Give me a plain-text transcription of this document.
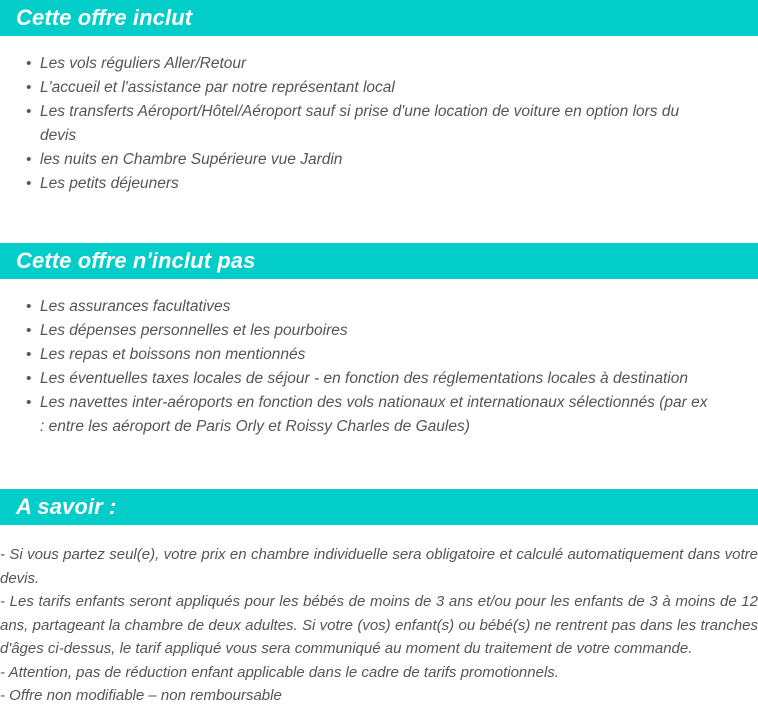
Cette offre inclut
• Les vols réguliers Aller/Retour
• L'accueil et l'assistance par notre représentant local
• Les transferts Aéroport/Hôtel/Aéroport sauf si prise d'une location de voiture en option lors du devis
• les nuits en Chambre Supérieure vue Jardin
• Les petits déjeuners
Cette offre n'inclut pas
• Les assurances facultatives
• Les dépenses personnelles et les pourboires
• Les repas et boissons non mentionnés
• Les éventuelles taxes locales de séjour - en fonction des réglementations locales à destination
• Les navettes inter-aéroports en fonction des vols nationaux et internationaux sélectionnés (par ex : entre les aéroport de Paris Orly et Roissy Charles de Gaules)
A savoir :

- Si vous partez seul(e), votre prix en chambre individuelle sera obligatoire et calculé automatiquement dans votre devis.

- Les tarifs enfants seront appliqués pour les bébés de moins de 3 ans et/ou pour les enfants de 3 à moins de 12 ans, partageant la chambre de deux adultes. Si votre (vos) enfant(s) ou bébé(s) ne rentrent pas dans les tranches d'âges ci-dessus, le tarif appliqué vous sera communiqué au moment du traitement de votre commande.

- Attention, pas de réduction enfant applicable dans le cadre de tarifs promotionnels.

- Offre non modifiable – non remboursable
